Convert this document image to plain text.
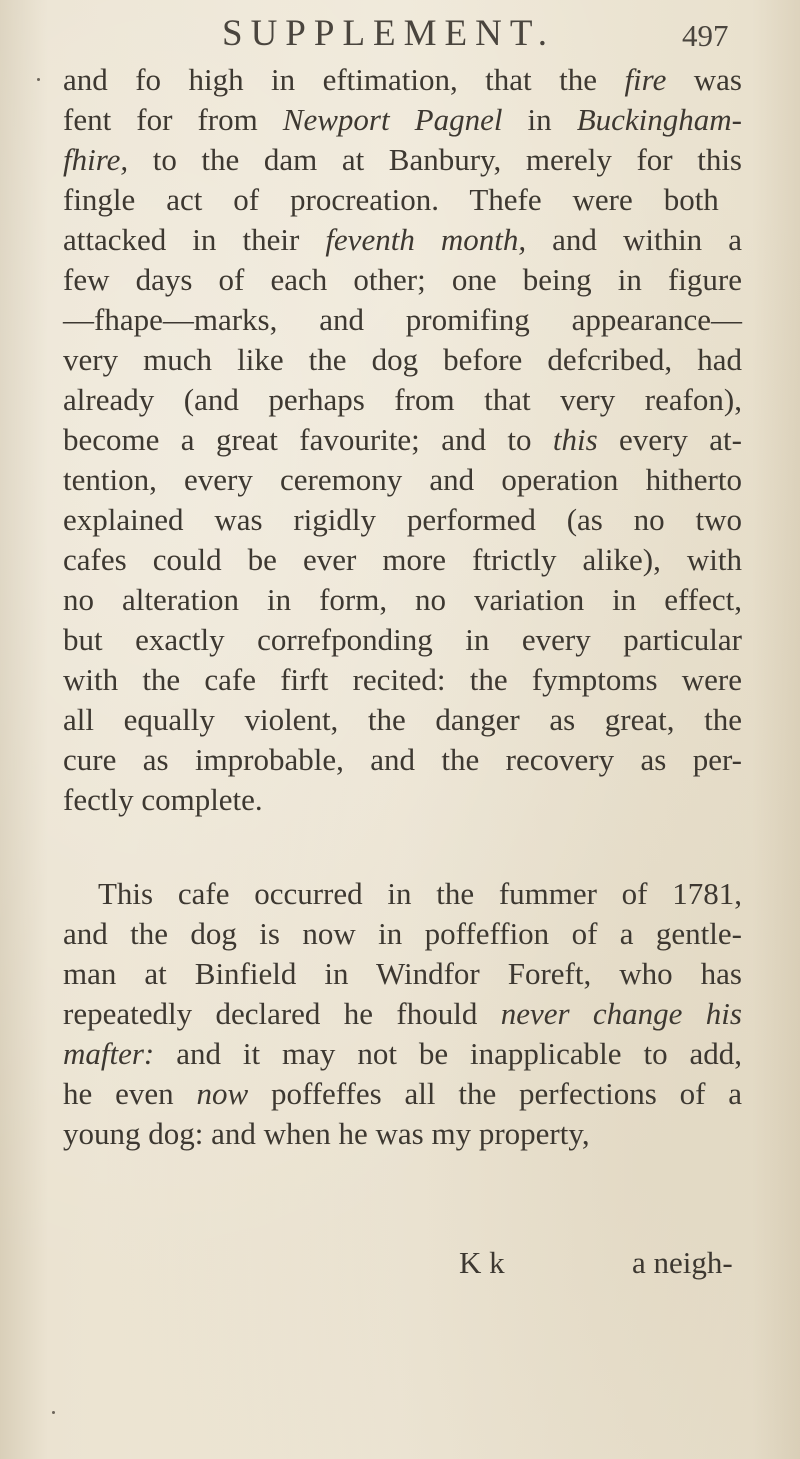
SUPPLEMENT.	497
and fo high in eftimation, that the fire was
fent for from Newport Pagnel in Buckingham-
fhire, to the dam at Banbury, merely for this
fingle act of procreation. Thefe were both
attacked in their feventh month, and within a
few days of each other; one being in figure
—fhape—marks, and promifing appearance—
very much like the dog before defcribed, had
already (and perhaps from that very reafon),
become a great favourite; and to this every at-
tention, every ceremony and operation hitherto
explained was rigidly performed (as no two
cafes could be ever more ftrictly alike), with
no alteration in form, no variation in effect,
but exactly correfponding in every particular
with the cafe firft recited: the fymptoms were
all equally violent, the danger as great, the
cure as improbable, and the recovery as per-
fectly complete.
This cafe occurred in the fummer of 1781,
and the dog is now in poffeffion of a gentle-
man at Binfield in Windfor Foreft, who has
repeatedly declared he fhould never change his
mafter: and it may not be inapplicable to add,
he even now poffeffes all the perfections of a
young dog: and when he was my property,
K k	a neigh-
